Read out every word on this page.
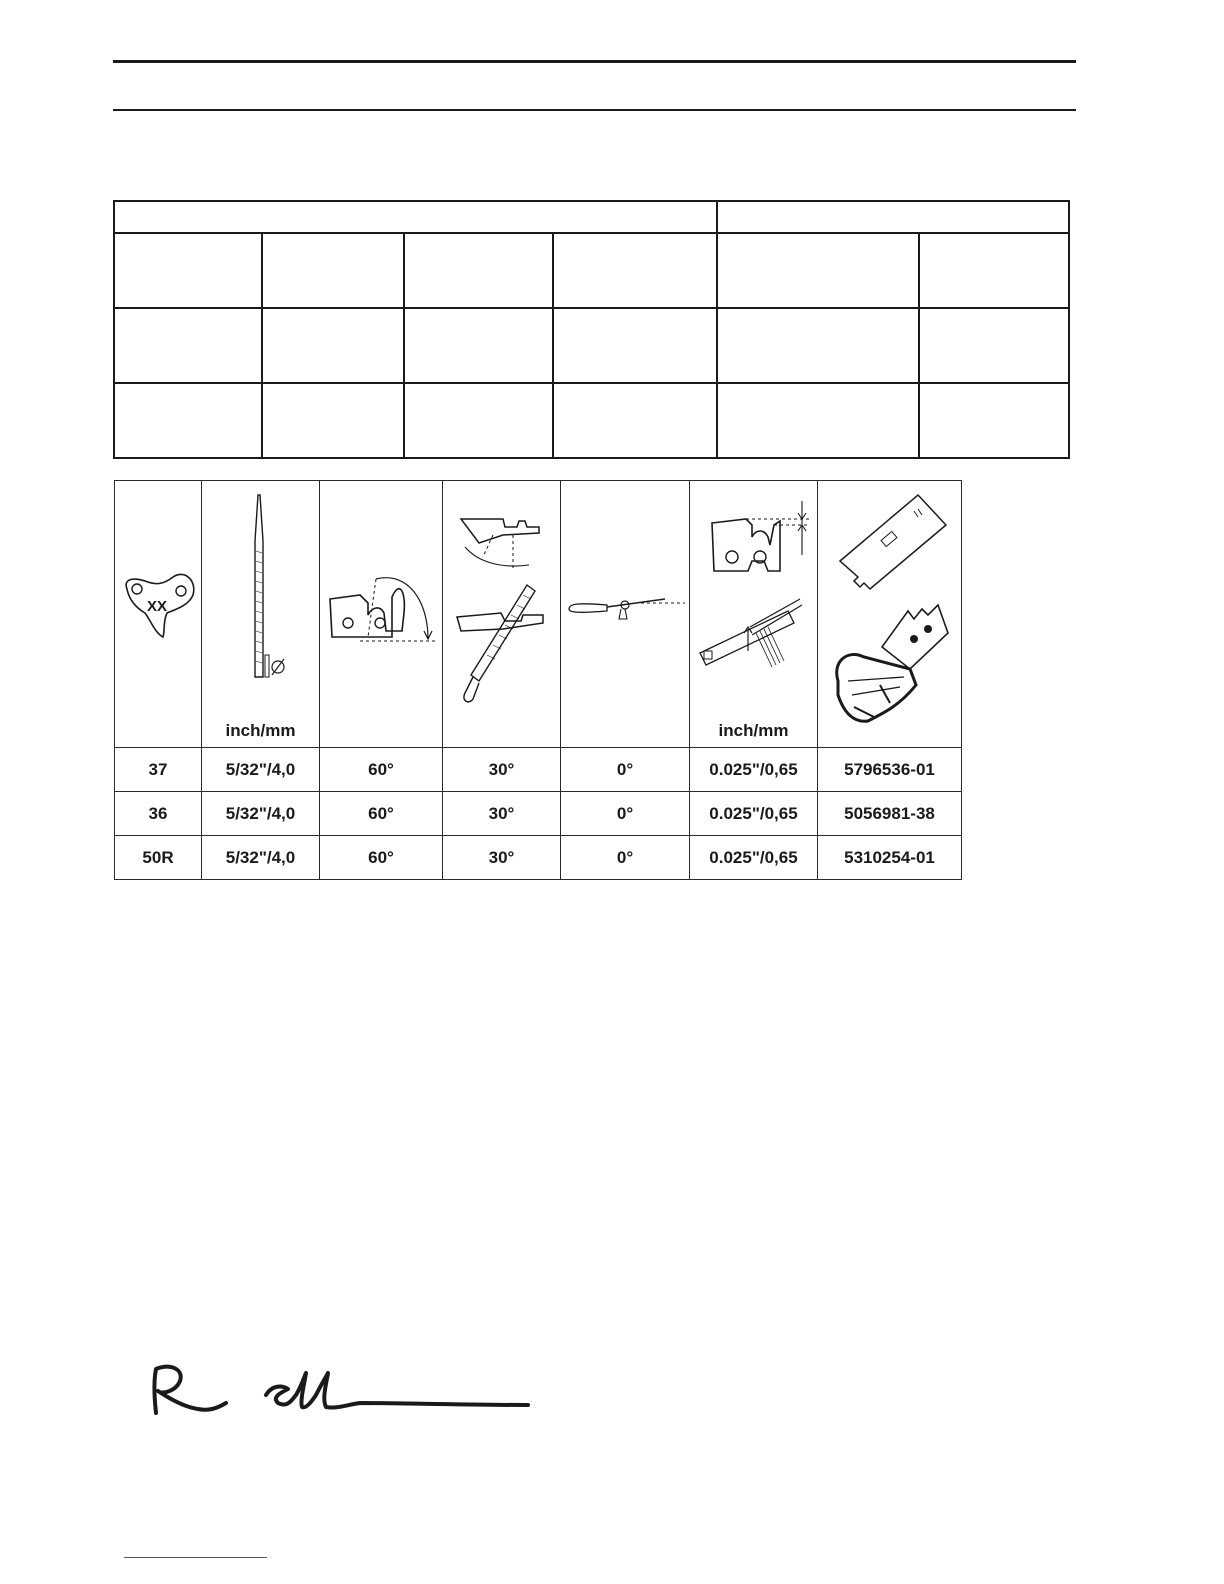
XX	inch/mm				inch/mm

37	5/32"/4,0	60°	30°	0°	0.025"/0,65	5796536-01
36	5/32"/4,0	60°	30°	0°	0.025"/0,65	5056981-38
50R	5/32"/4,0	60°	30°	0°	0.025"/0,65	5310254-01
